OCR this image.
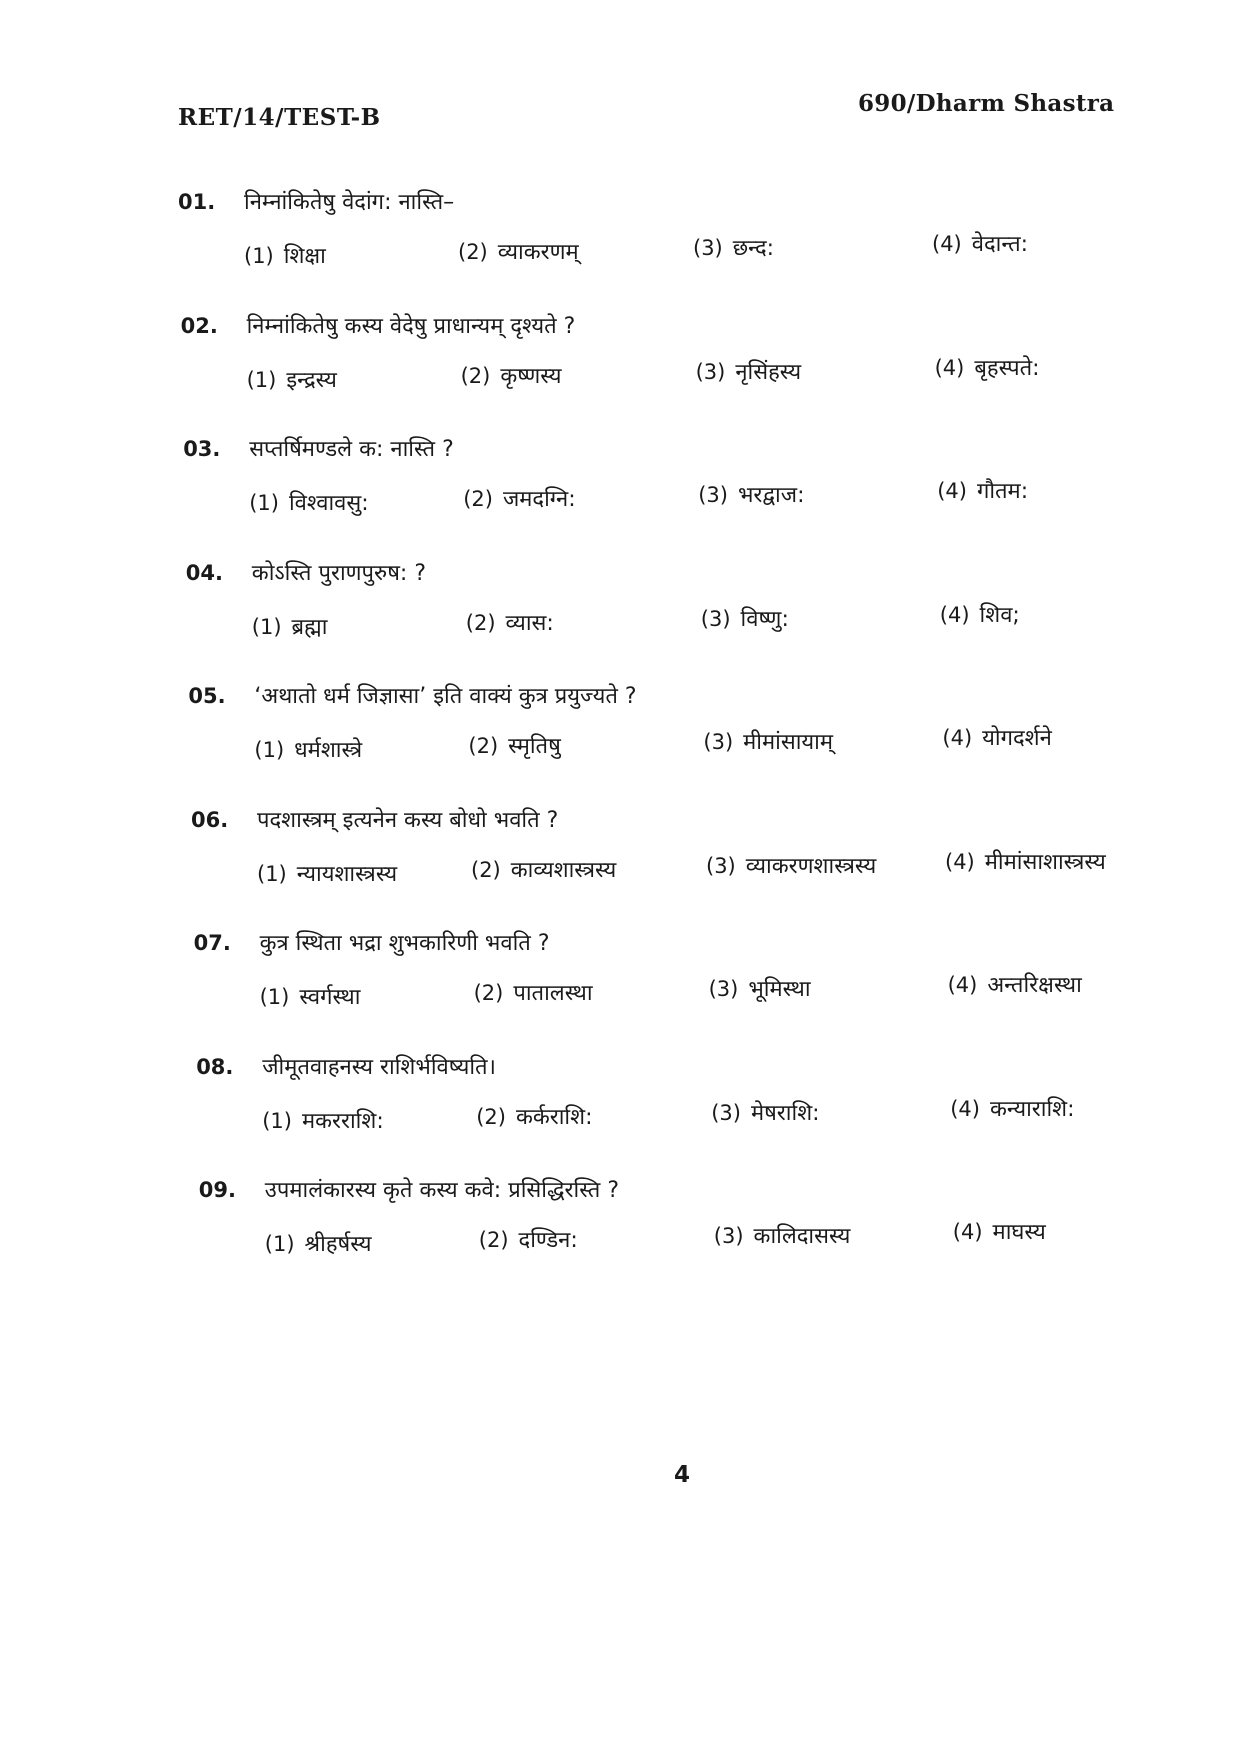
RET/14/TEST-B
690/Dharm Shastra
01. निम्नांकितेषु वेदांग: नास्ति–
(1) शिक्षा	(2) व्याकरणम्	(3) छन्द:	(4) वेदान्त:
02. निम्नांकितेषु कस्य वेदेषु प्राधान्यम् दृश्यते ?
(1) इन्द्रस्य	(2) कृष्णस्य	(3) नृसिंहस्य	(4) बृहस्पते:
03. सप्तर्षिमण्डले क: नास्ति ?
(1) विश्वावसु:	(2) जमदग्नि:	(3) भरद्वाज:	(4) गौतम:
04. कोऽस्ति पुराणपुरुष: ?
(1) ब्रह्मा	(2) व्यास:	(3) विष्णु:	(4) शिव;
05. ‘अथातो धर्म जिज्ञासा’ इति वाक्यं कुत्र प्रयुज्यते ?
(1) धर्मशास्त्रे	(2) स्मृतिषु	(3) मीमांसायाम्	(4) योगदर्शने
06. पदशास्त्रम् इत्यनेन कस्य बोधो भवति ?
(1) न्यायशास्त्रस्य	(2) काव्यशास्त्रस्य	(3) व्याकरणशास्त्रस्य	(4) मीमांसाशास्त्रस्य
07. कुत्र स्थिता भद्रा शुभकारिणी भवति ?
(1) स्वर्गस्था	(2) पातालस्था	(3) भूमिस्था	(4) अन्तरिक्षस्था
08. जीमूतवाहनस्य राशिर्भविष्यति।
(1) मकरराशि:	(2) कर्कराशि:	(3) मेषराशि:	(4) कन्याराशि:
09. उपमालंकारस्य कृते कस्य कवे: प्रसिद्धिरस्ति ?
(1) श्रीहर्षस्य	(2) दण्डिन:	(3) कालिदासस्य	(4) माघस्य
4
